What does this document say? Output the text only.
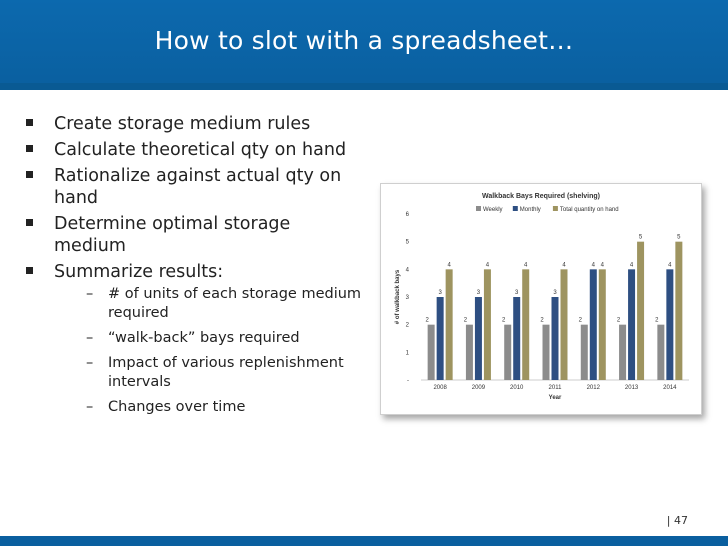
How to slot with a spreadsheet…
Create storage medium rules
Calculate theoretical qty on hand
Rationalize against actual qty on hand
Determine optimal storage medium
Summarize results:
– # of units of each storage medium required
– “walk-back” bays required
– Impact of various replenishment intervals
– Changes over time
Walkback Bays Required (shelving)
Weekly	Monthly	Total quantity on hand
-
1
2
3
4
5
6
# of walkback bays	2
3
4
2008
2
3
4
2009
2
3
4
2010
2
3
4
2011
2
4 4
2012
2
4
5
2013
2
4
5
2014
Year
| 47
